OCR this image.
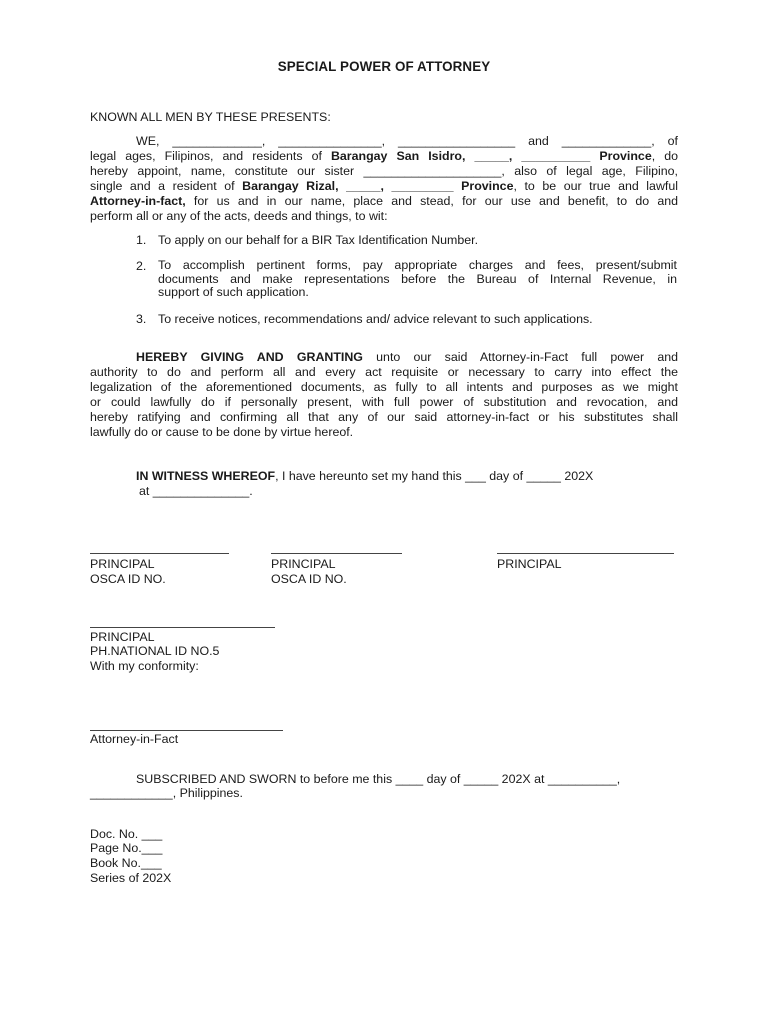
SPECIAL POWER OF ATTORNEY
KNOWN ALL MEN BY THESE PRESENTS:
WE, _____________, _______________, _________________ and _____________, of
legal ages, Filipinos, and residents of Barangay San Isidro, _____, __________ Province, do
hereby appoint, name, constitute our sister ____________________, also of legal age, Filipino,
single and a resident of Barangay Rizal, _____, _________ Province, to be our true and lawful
Attorney-in-fact, for us and in our name, place and stead, for our use and benefit, to do and
perform all or any of the acts, deeds and things, to wit:
1. To apply on our behalf for a BIR Tax Identification Number.
2. To accomplish pertinent forms, pay appropriate charges and fees, present/submit
documents and make representations before the Bureau of Internal Revenue, in
support of such application.
3. To receive notices, recommendations and/ advice relevant to such applications.
HEREBY GIVING AND GRANTING unto our said Attorney-in-Fact full power and
authority to do and perform all and every act requisite or necessary to carry into effect the
legalization of the aforementioned documents, as fully to all intents and purposes as we might
or could lawfully do if personally present, with full power of substitution and revocation, and
hereby ratifying and confirming all that any of our said attorney-in-fact or his substitutes shall
lawfully do or cause to be done by virtue hereof.
IN WITNESS WHEREOF, I have hereunto set my hand this ___ day of _____ 202X
at ______________.
PRINCIPAL
OSCA ID NO.
PRINCIPAL
OSCA ID NO.
PRINCIPAL
PRINCIPAL
PH.NATIONAL ID NO.5
With my conformity:
Attorney-in-Fact
SUBSCRIBED AND SWORN to before me this ____ day of _____ 202X at __________,
____________, Philippines.
Doc. No. ___
Page No.___
Book No.___
Series of 202X
